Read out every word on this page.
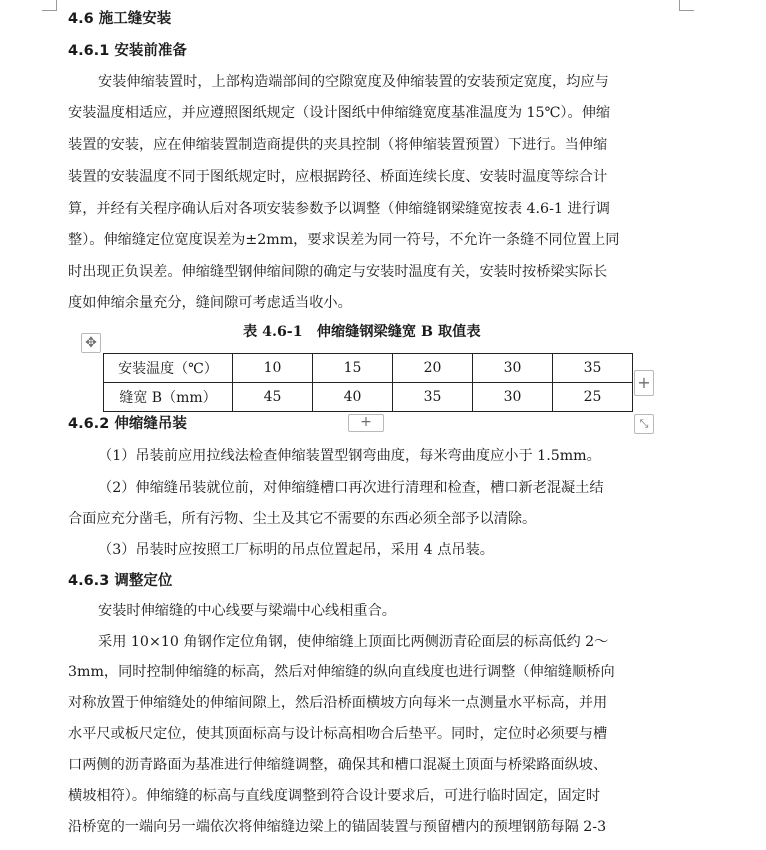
4.6 施工缝安装
4.6.1 安装前准备
安装伸缩装置时，上部构造端部间的空隙宽度及伸缩装置的安装预定宽度，均应与
安装温度相适应，并应遵照图纸规定（设计图纸中伸缩缝宽度基准温度为 15℃）。伸缩
装置的安装，应在伸缩装置制造商提供的夹具控制（将伸缩装置预置）下进行。当伸缩
装置的安装温度不同于图纸规定时，应根据跨径、桥面连续长度、安装时温度等综合计
算，并经有关程序确认后对各项安装参数予以调整（伸缩缝钢梁缝宽按表 4.6-1 进行调
整）。伸缩缝定位宽度误差为±2mm，要求误差为同一符号，不允许一条缝不同位置上同
时出现正负误差。伸缩缝型钢伸缩间隙的确定与安装时温度有关，安装时按桥梁实际长
度如伸缩余量充分，缝间隙可考虑适当收小。
表 4.6-1　伸缩缝钢梁缝宽 B 取值表
4.6.2 伸缩缝吊装
（1）吊装前应用拉线法检查伸缩装置型钢弯曲度，每米弯曲度应小于 1.5mm。
（2）伸缩缝吊装就位前，对伸缩缝槽口再次进行清理和检查，槽口新老混凝土结
合面应充分凿毛，所有污物、尘土及其它不需要的东西必须全部予以清除。
（3）吊装时应按照工厂标明的吊点位置起吊，采用 4 点吊装。
4.6.3 调整定位
安装时伸缩缝的中心线要与梁端中心线相重合。
采用 10×10 角钢作定位角钢，使伸缩缝上顶面比两侧沥青砼面层的标高低约 2～
3mm，同时控制伸缩缝的标高，然后对伸缩缝的纵向直线度也进行调整（伸缩缝顺桥向
对称放置于伸缩缝处的伸缩间隙上，然后沿桥面横坡方向每米一点测量水平标高，并用
水平尺或板尺定位，使其顶面标高与设计标高相吻合后垫平。同时，定位时必须要与槽
口两侧的沥青路面为基准进行伸缩缝调整，确保其和槽口混凝土顶面与桥梁路面纵坡、
横坡相符）。伸缩缝的标高与直线度调整到符合设计要求后，可进行临时固定，固定时
沿桥宽的一端向另一端依次将伸缩缝边梁上的锚固装置与预留槽内的预埋钢筋每隔 2-3
✥
安装温度（℃）	10	15	20	30	35
缝宽 B（mm）	45	40	35	30	25
+
+	⤡
